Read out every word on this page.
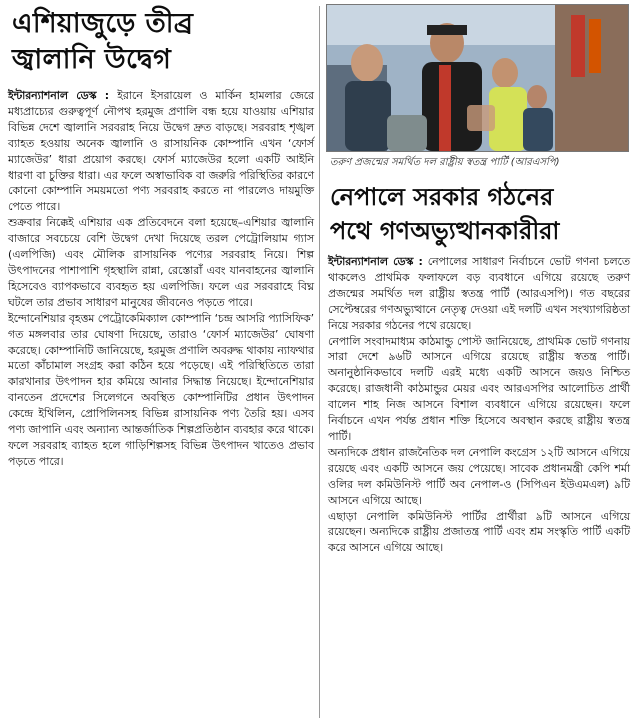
এশিয়াজুড়ে তীব্র
জ্বালানি উদ্বেগ

ইন্টারন্যাশনাল ডেস্ক : ইরানে ইসরায়েল ও মার্কিন হামলার জেরে মধ্যপ্রাচ্যের গুরুত্বপূর্ণ নৌপথ হরমুজ প্রণালি বন্ধ হয়ে যাওয়ায় এশিয়ার বিভিন্ন দেশে জ্বালানি সরবরাহ নিয়ে উদ্বেগ দ্রুত বাড়ছে। সরবরাহ শৃঙ্খল ব্যাহত হওয়ায় অনেক জ্বালানি ও রাসায়নিক কোম্পানি এখন ‘ফোর্স ম্যাজেউর’ ধারা প্রয়োগ করছে। ফোর্স ম্যাজেউর হলো একটি আইনি ধারণা বা চুক্তির ধারা। এর ফলে অস্বাভাবিক বা জরুরি পরিস্থিতির কারণে কোনো কোম্পানি সময়মতো পণ্য সরবরাহ করতে না পারলেও দায়মুক্তি পেতে পারে।

শুক্রবার নিক্কেই এশিয়ার এক প্রতিবেদনে বলা হয়েছে–এশিয়ার জ্বালানি বাজারে সবচেয়ে বেশি উদ্বেগ দেখা দিয়েছে তরল পেট্রোলিয়াম গ্যাস (এলপিজি) এবং মৌলিক রাসায়নিক পণ্যের সরবরাহ নিয়ে। শিল্প উৎপাদনের পাশাপাশি গৃহস্থালি রান্না, রেস্তোরাঁ এবং যানবাহনের জ্বালানি হিসেবেও ব্যাপকভাবে ব্যবহৃত হয় এলপিজি। ফলে এর সরবরাহে বিঘ্ন ঘটলে তার প্রভাব সাধারণ মানুষের জীবনেও পড়তে পারে।

ইন্দোনেশিয়ার বৃহত্তম পেট্রোকেমিক্যাল কোম্পানি ‘চন্দ্র আসরি প্যাসিফিক’ গত মঙ্গলবার তার ঘোষণা দিয়েছে, তারাও ‘ফোর্স ম্যাজেউর’ ঘোষণা করেছে। কোম্পানিটি জানিয়েছে, হরমুজ প্রণালি অবরুদ্ধ থাকায় ন্যাফথার মতো কাঁচামাল সংগ্রহ করা কঠিন হয়ে পড়েছে। এই পরিস্থিতিতে তারা কারখানার উৎপাদন হার কমিয়ে আনার সিদ্ধান্ত নিয়েছে। ইন্দোনেশিয়ার বানতেন প্রদেশের সিলেগনে অবস্থিত কোম্পানিটির প্রধান উৎপাদন কেন্দ্রে ইথিলিন, প্রোপিলিনসহ বিভিন্ন রাসায়নিক পণ্য তৈরি হয়। এসব পণ্য জাপানি এবং অন্যান্য আন্তর্জাতিক শিল্পপ্রতিষ্ঠান ব্যবহার করে থাকে। ফলে সরবরাহ ব্যাহত হলে গাড়িশিল্পসহ বিভিন্ন উৎপাদন খাতেও প্রভাব পড়তে পারে।

তরুণ প্রজন্মের সমর্থিত দল রাষ্ট্রীয় স্বতন্ত্র পার্টি (আরএসপি)
নেপালে সরকার গঠনের
পথে গণঅভ্যুত্থানকারীরা

ইন্টারন্যাশনাল ডেস্ক : নেপালের সাধারণ নির্বাচনে ভোট গণনা চলতে থাকলেও প্রাথমিক ফলাফলে বড় ব্যবধানে এগিয়ে রয়েছে তরুণ প্রজন্মের সমর্থিত দল রাষ্ট্রীয় স্বতন্ত্র পার্টি (আরএসপি)। গত বছরের সেপ্টেম্বরের গণঅভ্যুত্থানে নেতৃত্ব দেওয়া এই দলটি এখন সংখ্যাগরিষ্ঠতা নিয়ে সরকার গঠনের পথে রয়েছে।

নেপালি সংবাদমাধ্যম কাঠমান্ডু পোস্ট জানিয়েছে, প্রাথমিক ভোট গণনায় সারা দেশে ৯৬টি আসনে এগিয়ে রয়েছে রাষ্ট্রীয় স্বতন্ত্র পার্টি। অনানুষ্ঠানিকভাবে দলটি এরই মধ্যে একটি আসনে জয়ও নিশ্চিত করেছে। রাজধানী কাঠমান্ডুর মেয়র এবং আরএসপির আলোচিত প্রার্থী বালেন শাহ নিজ আসনে বিশাল ব্যবধানে এগিয়ে রয়েছেন। ফলে নির্বাচনে এখন পর্যন্ত প্রধান শক্তি হিসেবে অবস্থান করছে রাষ্ট্রীয় স্বতন্ত্র পার্টি।

অন্যদিকে প্রধান রাজনৈতিক দল নেপালি কংগ্রেস ১২টি আসনে এগিয়ে রয়েছে এবং একটি আসনে জয় পেয়েছে। সাবেক প্রধানমন্ত্রী কেপি শর্মা ওলির দল কমিউনিস্ট পার্টি অব নেপাল-ও (সিপিএন ইউএমএল) ৯টি আসনে এগিয়ে আছে।

এছাড়া নেপালি কমিউনিস্ট পার্টির প্রার্থীরা ৯টি আসনে এগিয়ে রয়েছেন। অন্যদিকে রাষ্ট্রীয় প্রজাতন্ত্র পার্টি এবং শ্রম সংস্কৃতি পার্টি একটি করে আসনে এগিয়ে আছে।
